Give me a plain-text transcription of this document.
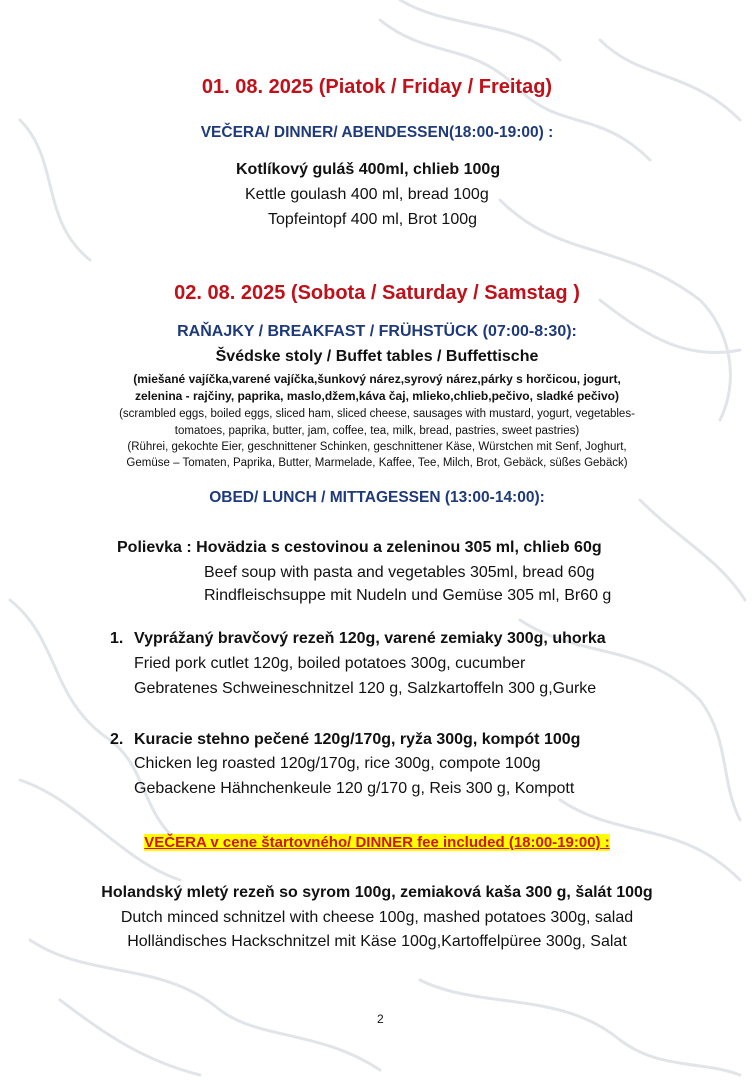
01. 08. 2025 (Piatok / Friday / Freitag)
VEČERA/ DINNER/ ABENDESSEN(18:00-19:00) :
Kotlíkový guláš 400ml, chlieb 100g
Kettle goulash 400 ml, bread 100g
Topfeintopf 400 ml, Brot 100g
02. 08. 2025 (Sobota / Saturday / Samstag )
RAŇAJKY / BREAKFAST / FRÜHSTÜCK (07:00-8:30):
Švédske stoly / Buffet tables / Buffettische
(miešané vajíčka,varené vajíčka,šunkový nárez,syrový nárez,párky s horčicou, jogurt,
zelenina - rajčiny, paprika, maslo,džem,káva čaj, mlieko,chlieb,pečivo, sladké pečivo)
(scrambled eggs, boiled eggs, sliced ham, sliced cheese, sausages with mustard, yogurt, vegetables-
tomatoes, paprika, butter, jam, coffee, tea, milk, bread, pastries, sweet pastries)
(Rührei, gekochte Eier, geschnittener Schinken, geschnittener Käse, Würstchen mit Senf, Joghurt,
Gemüse – Tomaten, Paprika, Butter, Marmelade, Kaffee, Tee, Milch, Brot, Gebäck, süßes Gebäck)
OBED/ LUNCH / MITTAGESSEN (13:00-14:00):
Polievka : Hovädzia s cestovinou a zeleninou 305 ml, chlieb 60g
Beef soup with pasta and vegetables 305ml, bread 60g
Rindfleischsuppe mit Nudeln und Gemüse 305 ml, Br60 g
1. Vyprážaný bravčový rezeň 120g, varené zemiaky 300g, uhorka
Fried pork cutlet 120g, boiled potatoes 300g, cucumber
Gebratenes Schweineschnitzel 120 g, Salzkartoffeln 300 g,Gurke
2. Kuracie stehno pečené 120g/170g, ryža 300g, kompót 100g
Chicken leg roasted 120g/170g, rice 300g, compote 100g
Gebackene Hähnchenkeule 120 g/170 g, Reis 300 g, Kompott
VEČERA v cene štartovného/ DINNER fee included (18:00-19:00) :
Holandský mletý rezeň so syrom 100g, zemiaková kaša 300 g, šalát 100g
Dutch minced schnitzel with cheese 100g, mashed potatoes 300g, salad
Holländisches Hackschnitzel mit Käse 100g,Kartoffelpüree 300g, Salat
2
